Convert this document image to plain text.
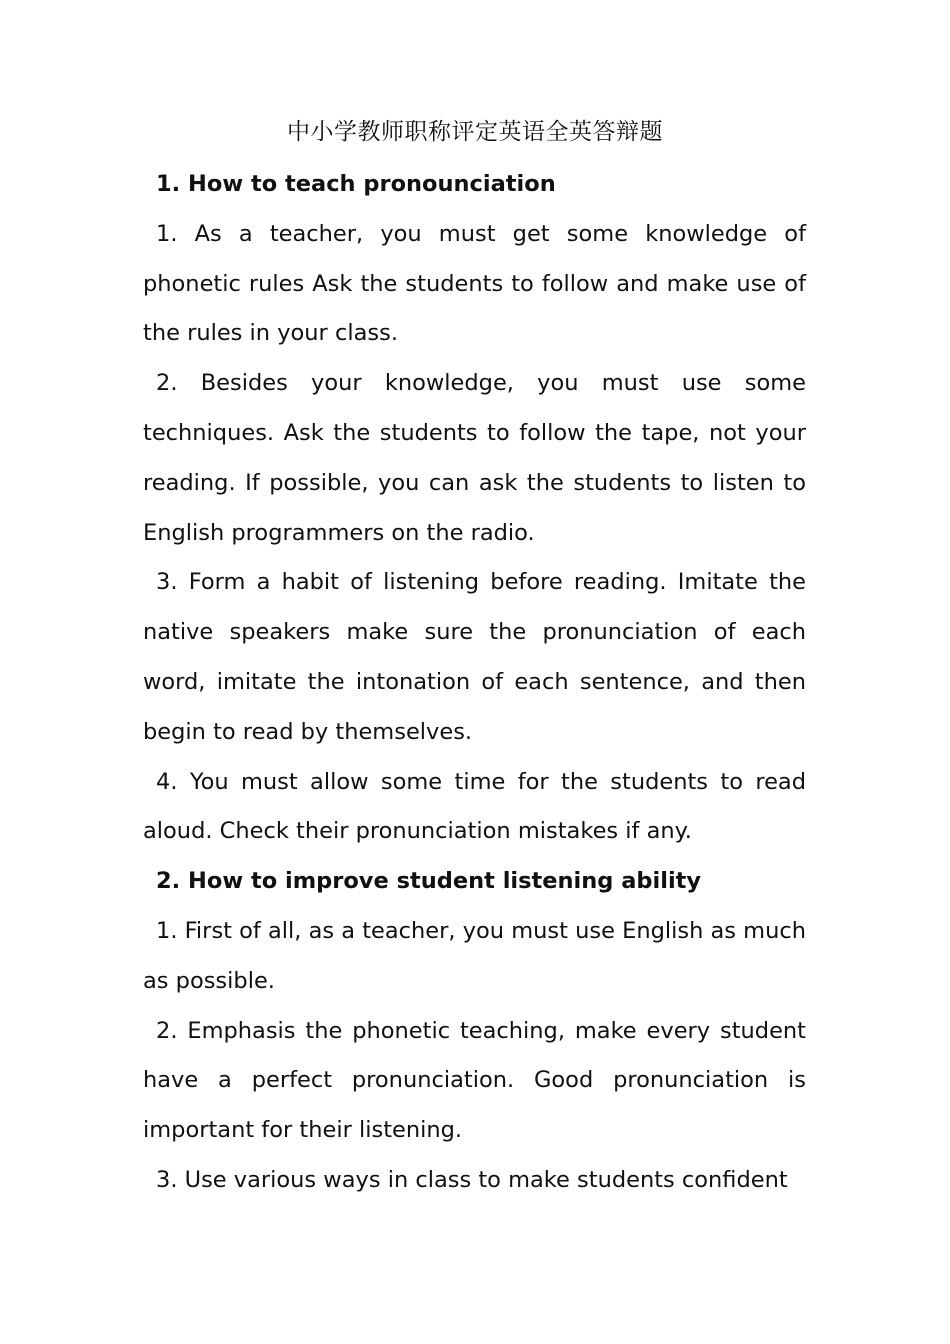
中小学教师职称评定英语全英答辩题
1. How to teach pronounciation

1. As a teacher, you must get some knowledge of phonetic rules Ask the students to follow and make use of the rules in your class.

2. Besides your knowledge, you must use some techniques. Ask the students to follow the tape, not your reading. If possible, you can ask the students to listen to English programmers on the radio.

3. Form a habit of listening before reading. Imitate the native speakers make sure the pronunciation of each word, imitate the intonation of each sentence, and then begin to read by themselves.

4. You must allow some time for the students to read aloud. Check their pronunciation mistakes if any.

2. How to improve student listening ability

1. First of all, as a teacher, you must use English as much as possible.

2. Emphasis the phonetic teaching, make every student have a perfect pronunciation. Good pronunciation is important for their listening.

3. Use various ways in class to make students confident
